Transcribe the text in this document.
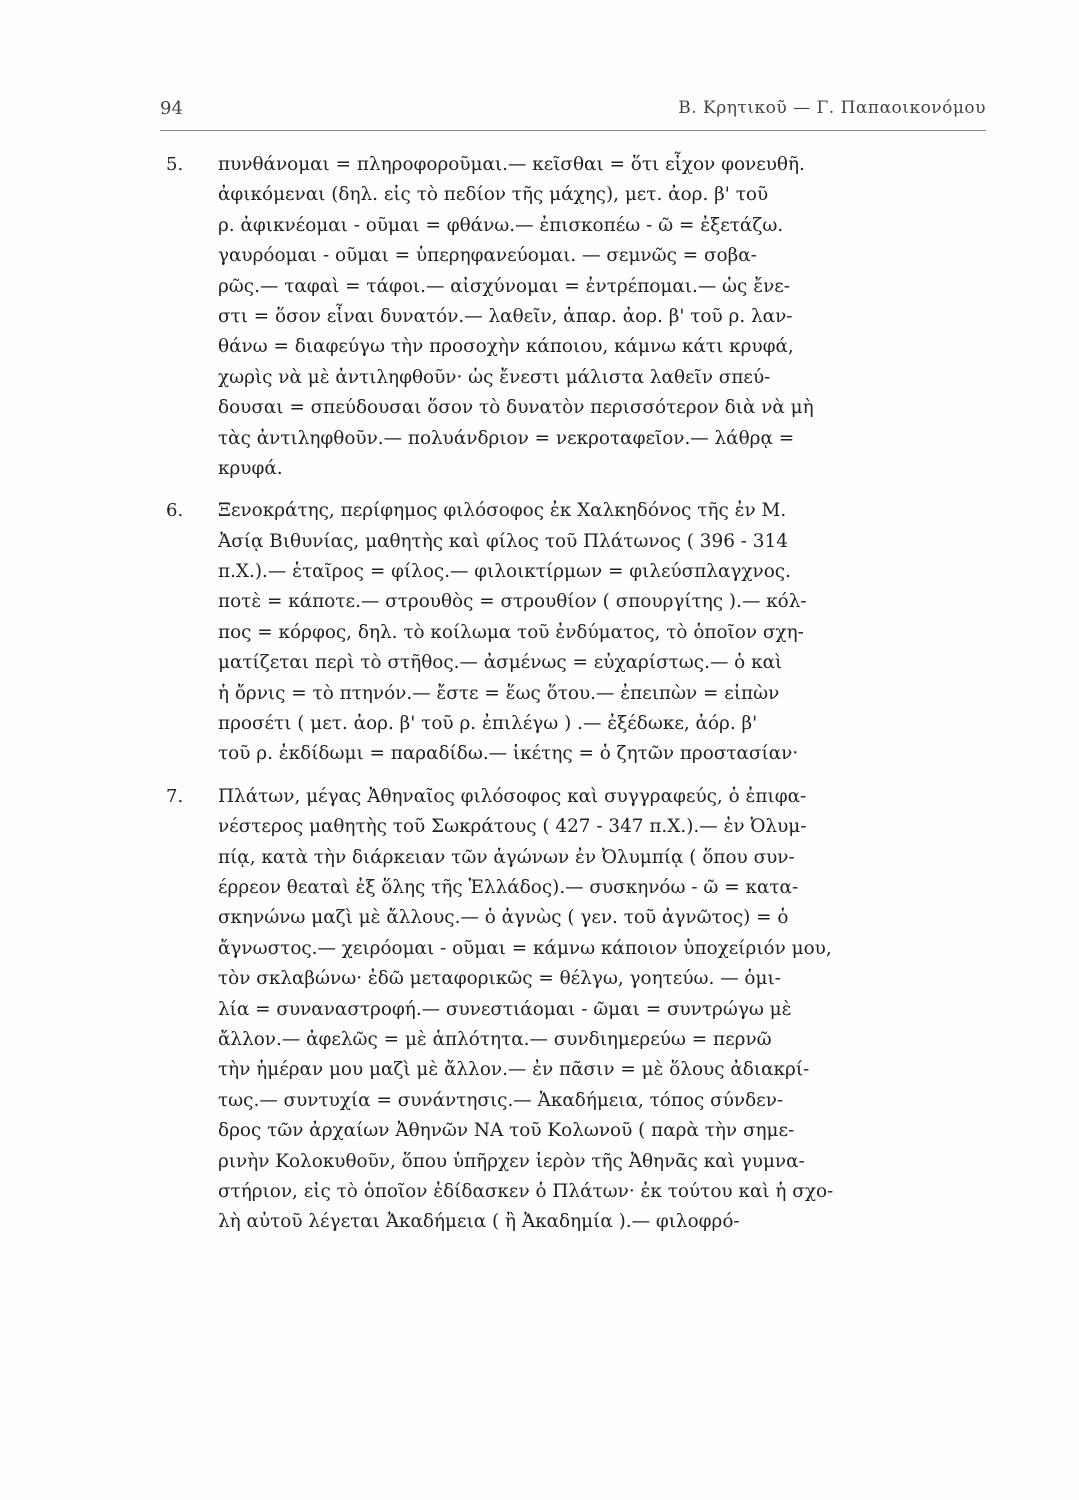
94	Β. Κρητικοῦ — Γ. Παπαοικονόμου
5. πυνθάνομαι = πληροφοροῦμαι.— κεῖσθαι = ὅτι εἶχον φονευθῆ.
ἀφικόμεναι (δηλ. εἰς τὸ πεδίον τῆς μάχης), μετ. ἀορ. β' τοῦ
ρ. ἀφικνέομαι - οῦμαι = φθάνω.— ἐπισκοπέω - ῶ = ἐξετάζω.
γαυρόομαι - οῦμαι = ὑπερηφανεύομαι. — σεμνῶς = σοβα-
ρῶς.— ταφαὶ = τάφοι.— αἰσχύνομαι = ἐντρέπομαι.— ὡς ἔνε-
στι = ὅσον εἶναι δυνατόν.— λαθεῖν, ἀπαρ. ἀορ. β' τοῦ ρ. λαν-
θάνω = διαφεύγω τὴν προσοχὴν κάποιου, κάμνω κάτι κρυφά,
χωρὶς νὰ μὲ ἀντιληφθοῦν· ὡς ἔνεστι μάλιστα λαθεῖν σπεύ-
δουσαι = σπεύδουσαι ὅσον τὸ δυνατὸν περισσότερον διὰ νὰ μὴ
τὰς ἀντιληφθοῦν.— πολυάνδριον = νεκροταφεῖον.— λάθρᾳ =
κρυφά.
6. Ξενοκράτης, περίφημος φιλόσοφος ἐκ Χαλκηδόνος τῆς ἐν Μ.
Ἀσίᾳ Βιθυνίας, μαθητὴς καὶ φίλος τοῦ Πλάτωνος ( 396 - 314
π.Χ.).— ἑταῖρος = φίλος.— φιλοικτίρμων = φιλεύσπλαγχνος.
ποτὲ = κάποτε.— στρουθὸς = στρουθίον ( σπουργίτης ).— κόλ-
πος = κόρφος, δηλ. τὸ κοίλωμα τοῦ ἐνδύματος, τὸ ὁποῖον σχη-
ματίζεται περὶ τὸ στῆθος.— ἀσμένως = εὐχαρίστως.— ὁ καὶ
ἡ ὄρνις = τὸ πτηνόν.— ἔστε = ἕως ὅτου.— ἐπειπὼν = εἰπὼν
προσέτι ( μετ. ἀορ. β' τοῦ ρ. ἐπιλέγω ) .— ἐξέδωκε, ἀόρ. β'
τοῦ ρ. ἐκδίδωμι = παραδίδω.— ἱκέτης = ὁ ζητῶν προστασίαν·
7. Πλάτων, μέγας Ἀθηναῖος φιλόσοφος καὶ συγγραφεύς, ὁ ἐπιφα-
νέστερος μαθητὴς τοῦ Σωκράτους ( 427 - 347 π.Χ.).— ἐν Ὀλυμ-
πίᾳ, κατὰ τὴν διάρκειαν τῶν ἀγώνων ἐν Ὀλυμπίᾳ ( ὅπου συν-
έρρεον θεαταὶ ἐξ ὅλης τῆς Ἑλλάδος).— συσκηνόω - ῶ = κατα-
σκηνώνω μαζὶ μὲ ἄλλους.— ὁ ἀγνὼς ( γεν. τοῦ ἀγνῶτος) = ὁ
ἄγνωστος.— χειρόομαι - οῦμαι = κάμνω κάποιον ὑποχείριόν μου,
τὸν σκλαβώνω· ἐδῶ μεταφορικῶς = θέλγω, γοητεύω. — ὁμι-
λία = συναναστροφή.— συνεστιάομαι - ῶμαι = συντρώγω μὲ
ἄλλον.— ἀφελῶς = μὲ ἁπλότητα.— συνδιημερεύω = περνῶ
τὴν ἡμέραν μου μαζὶ μὲ ἄλλον.— ἐν πᾶσιν = μὲ ὅλους ἀδιακρί-
τως.— συντυχία = συνάντησις.— Ἀκαδήμεια, τόπος σύνδεν-
δρος τῶν ἀρχαίων Ἀθηνῶν ΝΑ τοῦ Κολωνοῦ ( παρὰ τὴν σημε-
ρινὴν Κολοκυθοῦν, ὅπου ὑπῆρχεν ἱερὸν τῆς Ἀθηνᾶς καὶ γυμνα-
στήριον, εἰς τὸ ὁποῖον ἐδίδασκεν ὁ Πλάτων· ἐκ τούτου καὶ ἡ σχο-
λὴ αὐτοῦ λέγεται Ἀκαδήμεια ( ἢ Ἀκαδημία ).— φιλοφρό-
